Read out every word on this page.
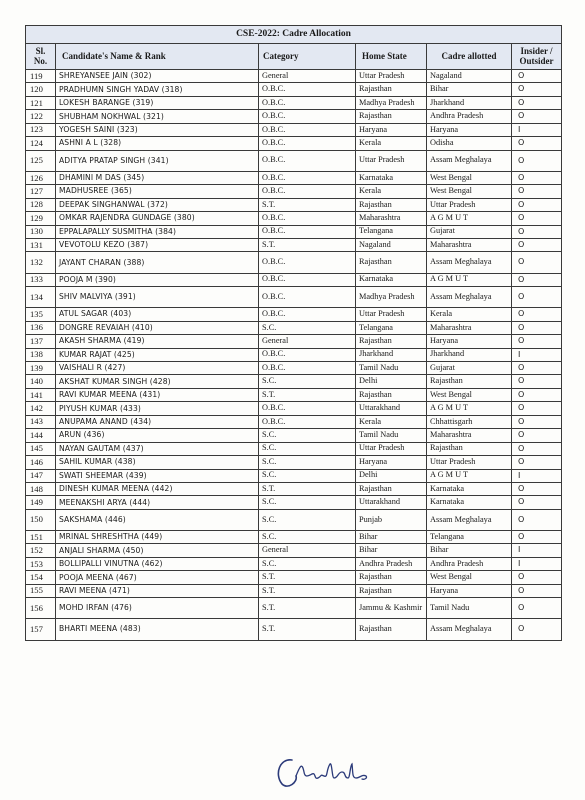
CSE-2022: Cadre Allocation					
Sl. No.	Candidate's Name & Rank	Category	Home State	Cadre allotted	Insider / Outsider
119	SHREYANSEE JAIN (302)	General	Uttar Pradesh	Nagaland	O
120	PRADHUMN SINGH YADAV (318)	O.B.C.	Rajasthan	Bihar	O
121	LOKESH BARANGE (319)	O.B.C.	Madhya Pradesh	Jharkhand	O
122	SHUBHAM NOKHWAL (321)	O.B.C.	Rajasthan	Andhra Pradesh	O
123	YOGESH SAINI (323)	O.B.C.	Haryana	Haryana	I
124	ASHNI A L (328)	O.B.C.	Kerala	Odisha	O
125	ADITYA PRATAP SINGH (341)	O.B.C.	Uttar Pradesh	Assam Meghalaya	O
126	DHAMINI M DAS (345)	O.B.C.	Karnataka	West Bengal	O
127	MADHUSREE (365)	O.B.C.	Kerala	West Bengal	O
128	DEEPAK SINGHANWAL (372)	S.T.	Rajasthan	Uttar Pradesh	O
129	OMKAR RAJENDRA GUNDAGE (380)	O.B.C.	Maharashtra	A G M U T	O
130	EPPALAPALLY SUSMITHA (384)	O.B.C.	Telangana	Gujarat	O
131	VEVOTOLU KEZO (387)	S.T.	Nagaland	Maharashtra	O
132	JAYANT CHARAN (388)	O.B.C.	Rajasthan	Assam Meghalaya	O
133	POOJA M (390)	O.B.C.	Karnataka	A G M U T	O
134	SHIV MALVIYA (391)	O.B.C.	Madhya Pradesh	Assam Meghalaya	O
135	ATUL SAGAR (403)	O.B.C.	Uttar Pradesh	Kerala	O
136	DONGRE REVAIAH (410)	S.C.	Telangana	Maharashtra	O
137	AKASH SHARMA (419)	General	Rajasthan	Haryana	O
138	KUMAR RAJAT (425)	O.B.C.	Jharkhand	Jharkhand	I
139	VAISHALI R (427)	O.B.C.	Tamil Nadu	Gujarat	O
140	AKSHAT KUMAR SINGH (428)	S.C.	Delhi	Rajasthan	O
141	RAVI KUMAR MEENA (431)	S.T.	Rajasthan	West Bengal	O
142	PIYUSH KUMAR (433)	O.B.C.	Uttarakhand	A G M U T	O
143	ANUPAMA ANAND (434)	O.B.C.	Kerala	Chhattisgarh	O
144	ARUN (436)	S.C.	Tamil Nadu	Maharashtra	O
145	NAYAN GAUTAM (437)	S.C.	Uttar Pradesh	Rajasthan	O
146	SAHIL KUMAR (438)	S.C.	Haryana	Uttar Pradesh	O
147	SWATI SHEEMAR (439)	S.C.	Delhi	A G M U T	I
148	DINESH KUMAR MEENA (442)	S.T.	Rajasthan	Karnataka	O
149	MEENAKSHI ARYA (444)	S.C.	Uttarakhand	Karnataka	O
150	SAKSHAMA (446)	S.C.	Punjab	Assam Meghalaya	O
151	MRINAL SHRESHTHA (449)	S.C.	Bihar	Telangana	O
152	ANJALI SHARMA (450)	General	Bihar	Bihar	I
153	BOLLIPALLI VINUTNA (462)	S.C.	Andhra Pradesh	Andhra Pradesh	I
154	POOJA MEENA (467)	S.T.	Rajasthan	West Bengal	O
155	RAVI MEENA (471)	S.T.	Rajasthan	Haryana	O
156	MOHD IRFAN (476)	S.T.	Jammu & Kashmir	Tamil Nadu	O
157	BHARTI MEENA (483)	S.T.	Rajasthan	Assam Meghalaya	O
